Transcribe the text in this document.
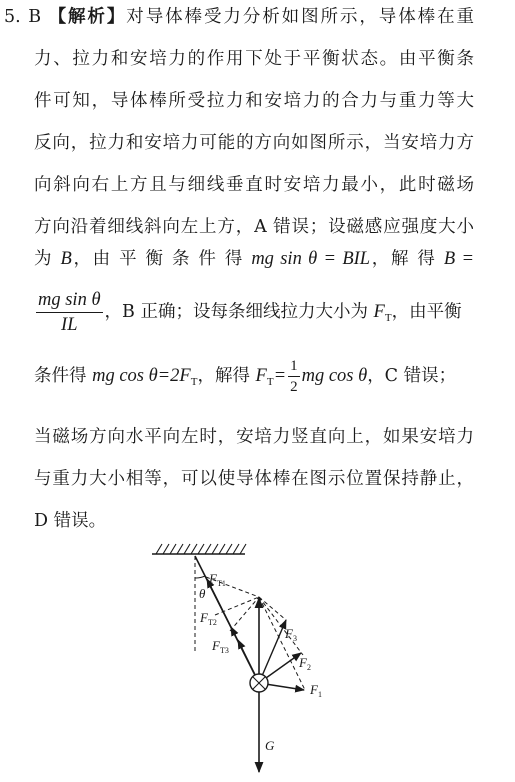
5. B 【解析】对导体棒受力分析如图所示，导体棒在重
力、拉力和安培力的作用下处于平衡状态。由平衡条
件可知，导体棒所受拉力和安培力的合力与重力等大
反向，拉力和安培力可能的方向如图所示，当安培力方
向斜向右上方且与细线垂直时安培力最小，此时磁场
方向沿着细线斜向左上方，A 错误；设磁感应强度大小
为 B，由 平 衡 条 件 得 mg sin θ = BIL，解 得 B =
$\frac{\text{mg sin θ}}{IL}$ ，B 正确；设每条细线拉力大小为 $F_T$，由平衡
条件得 mg $\cos \theta=2F_T$，解得 $F_T= \frac{1}{2}$ mg cos θ，C 错误；
当磁场方向水平向左时，安培力竖直向上，如果安培力
与重力大小相等，可以使导体棒在图示位置保持静止，
D 错误。
FT1
θ
FT2
FT3
F3
F2
F1
G
